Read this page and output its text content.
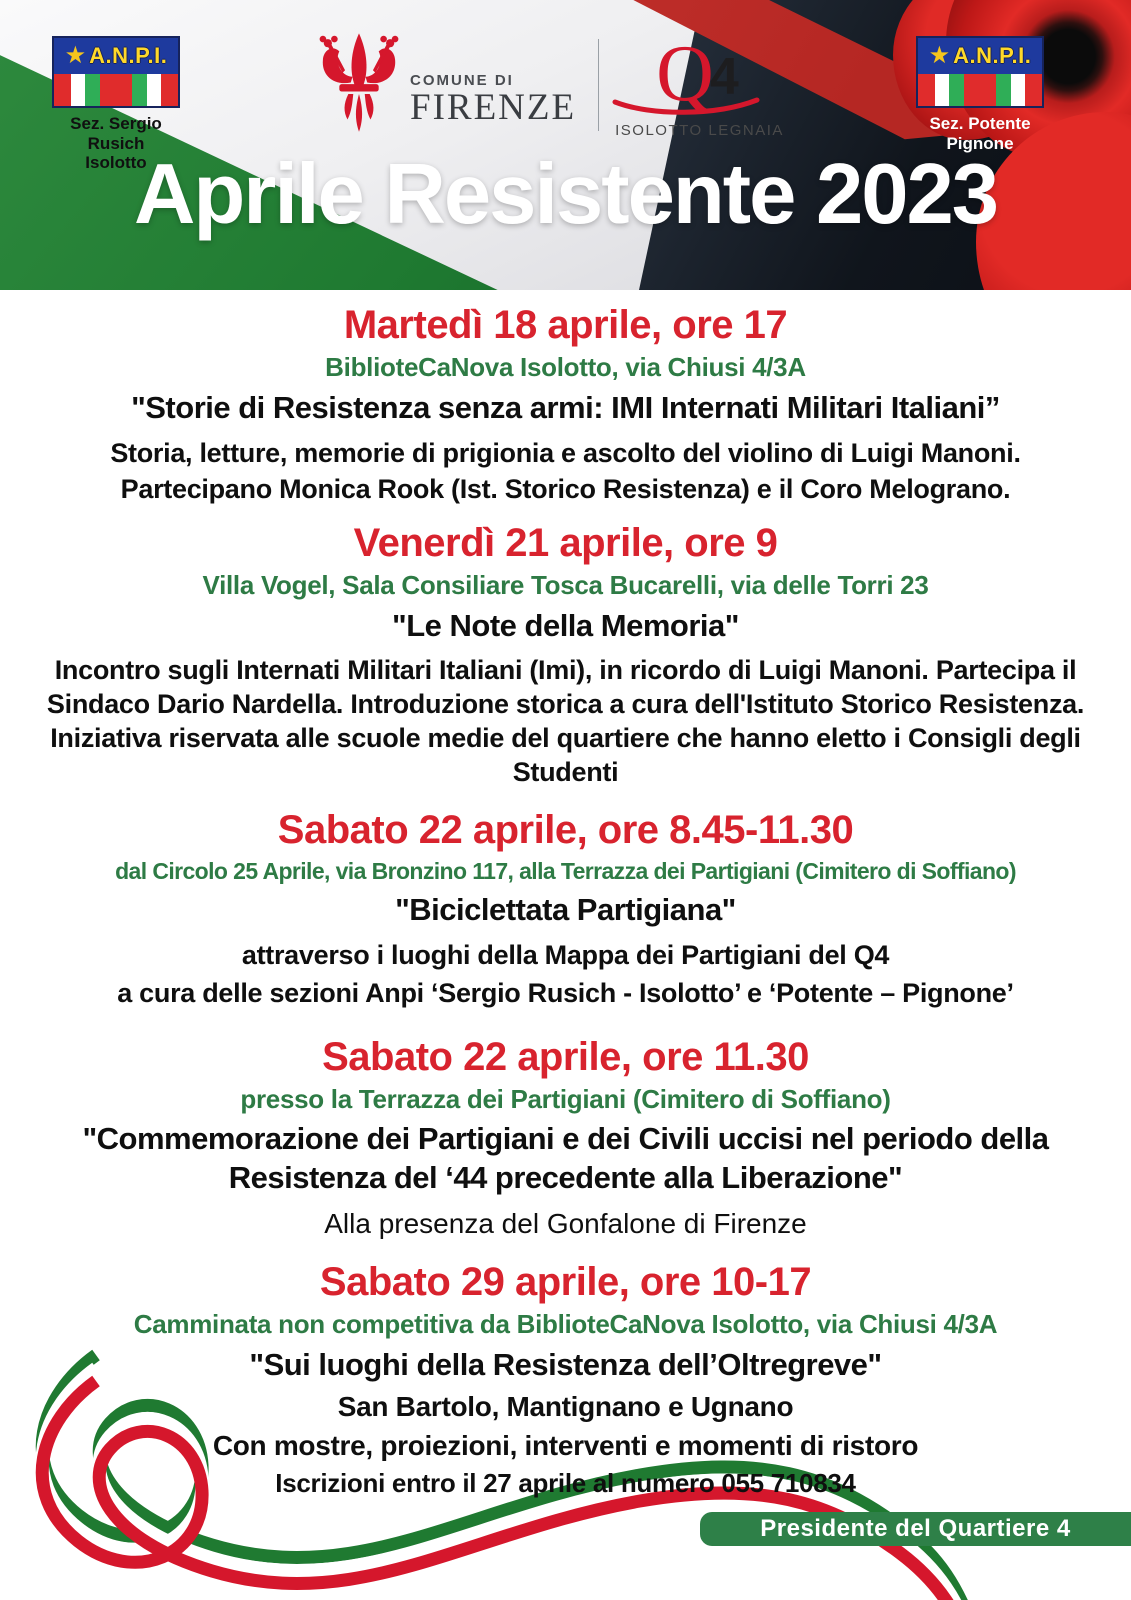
★ A.N.P.I.
Sez. Sergio Rusich
Isolotto
COMUNE DI
FIRENZE	Q4
ISOLOTTO LEGNAIA
★ A.N.P.I.
Sez. Potente
Pignone
Aprile Resistente 2023
Martedì 18 aprile, ore 17
BiblioteCaNova Isolotto, via Chiusi 4/3A
"Storie di Resistenza senza armi: IMI Internati Militari Italiani”

Storia, letture, memorie di prigionia e ascolto del violino di Luigi Manoni.

Partecipano Monica Rook (Ist. Storico Resistenza) e il Coro Melograno.

Venerdì 21 aprile, ore 9
Villa Vogel, Sala Consiliare Tosca Bucarelli, via delle Torri 23
"Le Note della Memoria"

Incontro sugli Internati Militari Italiani (Imi), in ricordo di Luigi Manoni. Partecipa il Sindaco Dario Nardella. Introduzione storica a cura dell'Istituto Storico Resistenza. Iniziativa riservata alle scuole medie del quartiere che hanno eletto i Consigli degli Studenti

Sabato 22 aprile, ore 8.45-11.30
dal Circolo 25 Aprile, via Bronzino 117, alla Terrazza dei Partigiani (Cimitero di Soffiano)
"Biciclettata Partigiana"

attraverso i luoghi della Mappa dei Partigiani del Q4

a cura delle sezioni Anpi ‘Sergio Rusich - Isolotto’ e ‘Potente – Pignone’

Sabato 22 aprile, ore 11.30
presso la Terrazza dei Partigiani (Cimitero di Soffiano)
"Commemorazione dei Partigiani e dei Civili uccisi nel periodo della Resistenza del ‘44 precedente alla Liberazione"

Alla presenza del Gonfalone di Firenze

Sabato 29 aprile, ore 10-17
Camminata non competitiva da BiblioteCaNova Isolotto, via Chiusi 4/3A
"Sui luoghi della Resistenza dell’Oltregreve"

San Bartolo, Mantignano e Ugnano

Con mostre, proiezioni, interventi e momenti di ristoro

Iscrizioni entro il 27 aprile al numero 055 710834

Presidente del Quartiere 4
